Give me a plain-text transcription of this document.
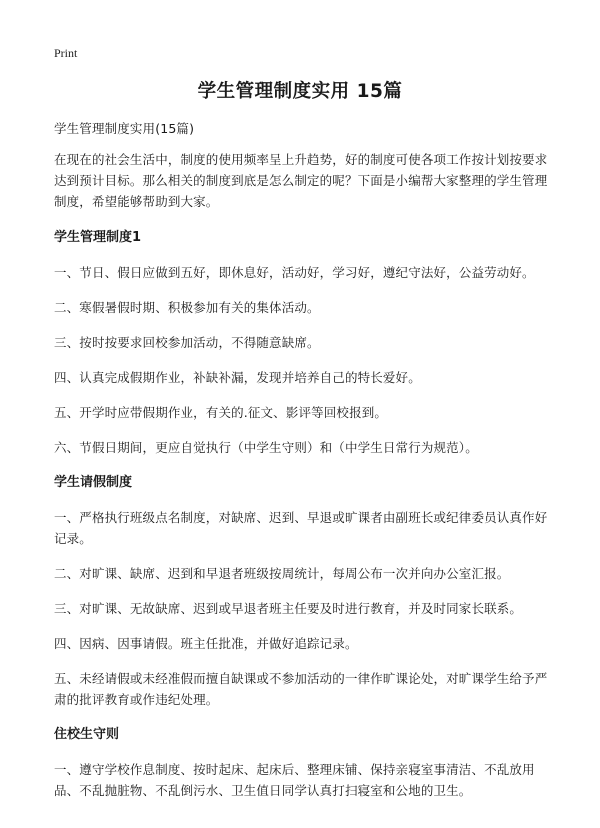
Print
学生管理制度实用 15篇

学生管理制度实用(15篇)

在现在的社会生活中，制度的使用频率呈上升趋势，好的制度可使各项工作按计划按要求达到预计目标。那么相关的制度到底是怎么制定的呢？下面是小编帮大家整理的学生管理制度，希望能够帮助到大家。

学生管理制度1

一、节日、假日应做到五好，即休息好，活动好，学习好，遵纪守法好，公益劳动好。

二、寒假暑假时期、积极参加有关的集体活动。

三、按时按要求回校参加活动，不得随意缺席。

四、认真完成假期作业，补缺补漏，发现并培养自己的特长爱好。

五、开学时应带假期作业，有关的.征文、影评等回校报到。

六、节假日期间，更应自觉执行（中学生守则）和（中学生日常行为规范）。

学生请假制度

一、严格执行班级点名制度，对缺席、迟到、早退或旷课者由副班长或纪律委员认真作好记录。

二、对旷课、缺席、迟到和早退者班级按周统计，每周公布一次并向办公室汇报。

三、对旷课、无故缺席、迟到或早退者班主任要及时进行教育，并及时同家长联系。

四、因病、因事请假。班主任批准，并做好追踪记录。

五、未经请假或未经准假而擅自缺课或不参加活动的一律作旷课论处，对旷课学生给予严肃的批评教育或作违纪处理。

住校生守则

一、遵守学校作息制度、按时起床、起床后、整理床铺、保持亲寝室事清洁、不乱放用品、不乱抛脏物、不乱倒污水、卫生值日同学认真打扫寝室和公地的卫生。
